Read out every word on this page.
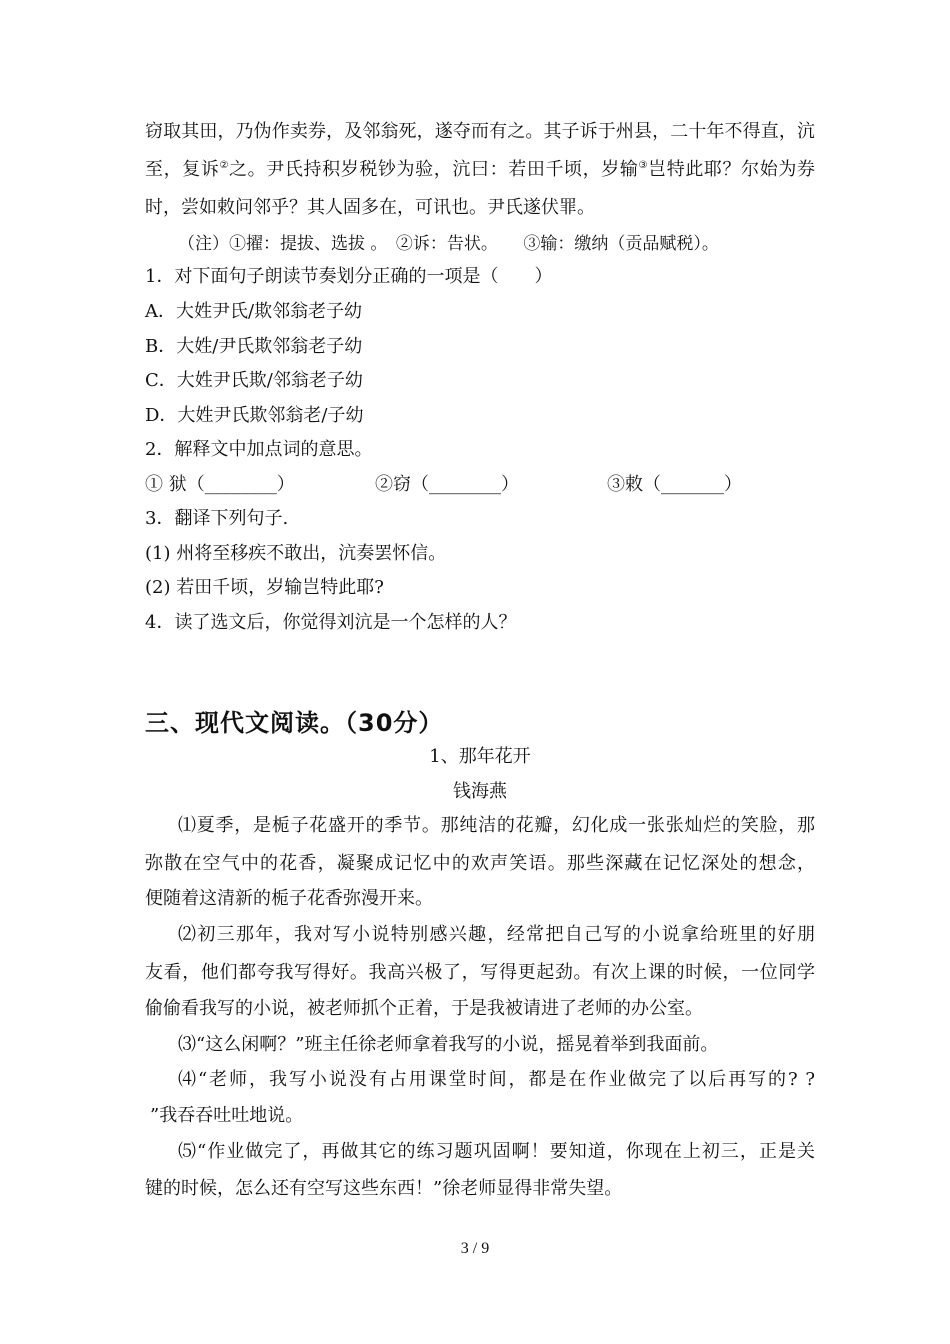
窃取其田，乃伪作卖券，及邻翁死，遂夺而有之。其子诉于州县，二十年不得直，沆
至，复诉②之。尹氏持积岁税钞为验，沆曰：若田千顷，岁输③岂特此耶？尔始为券
时，尝如敕问邻乎？其人固多在，可讯也。尹氏遂伏罪。
（注）①擢：提拔、选拔 。　②诉：告状。　　③输：缴纳（贡品赋税）。
1．对下面句子朗读节奏划分正确的一项是（　　）
A．大姓尹氏/欺邻翁老子幼
B．大姓/尹氏欺邻翁老子幼
C．大姓尹氏欺/邻翁老子幼
D．大姓尹氏欺邻翁老/子幼
2．解释文中加点词的意思。
① 狱（________）	②窃（________）	③敕（_______）
3．翻译下列句子.
(1) 州将至移疾不敢出，沆奏罢怀信。
(2) 若田千顷，岁输岂特此耶?
4．读了选文后，你觉得刘沆是一个怎样的人？
三、现代文阅读。（30分）
1、那年花开
钱海燕
⑴夏季，是栀子花盛开的季节。那纯洁的花瓣，幻化成一张张灿烂的笑脸，那
弥散在空气中的花香，凝聚成记忆中的欢声笑语。那些深藏在记忆深处的想念，
便随着这清新的栀子花香弥漫开来。
⑵初三那年，我对写小说特别感兴趣，经常把自己写的小说拿给班里的好朋
友看，他们都夸我写得好。我高兴极了，写得更起劲。有次上课的时候，一位同学
偷偷看我写的小说，被老师抓个正着，于是我被请进了老师的办公室。
⑶“这么闲啊？”班主任徐老师拿着我写的小说，摇晃着举到我面前。
⑷“老师，我写小说没有占用课堂时间，都是在作业做完了以后再写的? ?
”我吞吞吐吐地说。
⑸“作业做完了，再做其它的练习题巩固啊！要知道，你现在上初三，正是关
键的时候，怎么还有空写这些东西！”徐老师显得非常失望。
3 / 9
